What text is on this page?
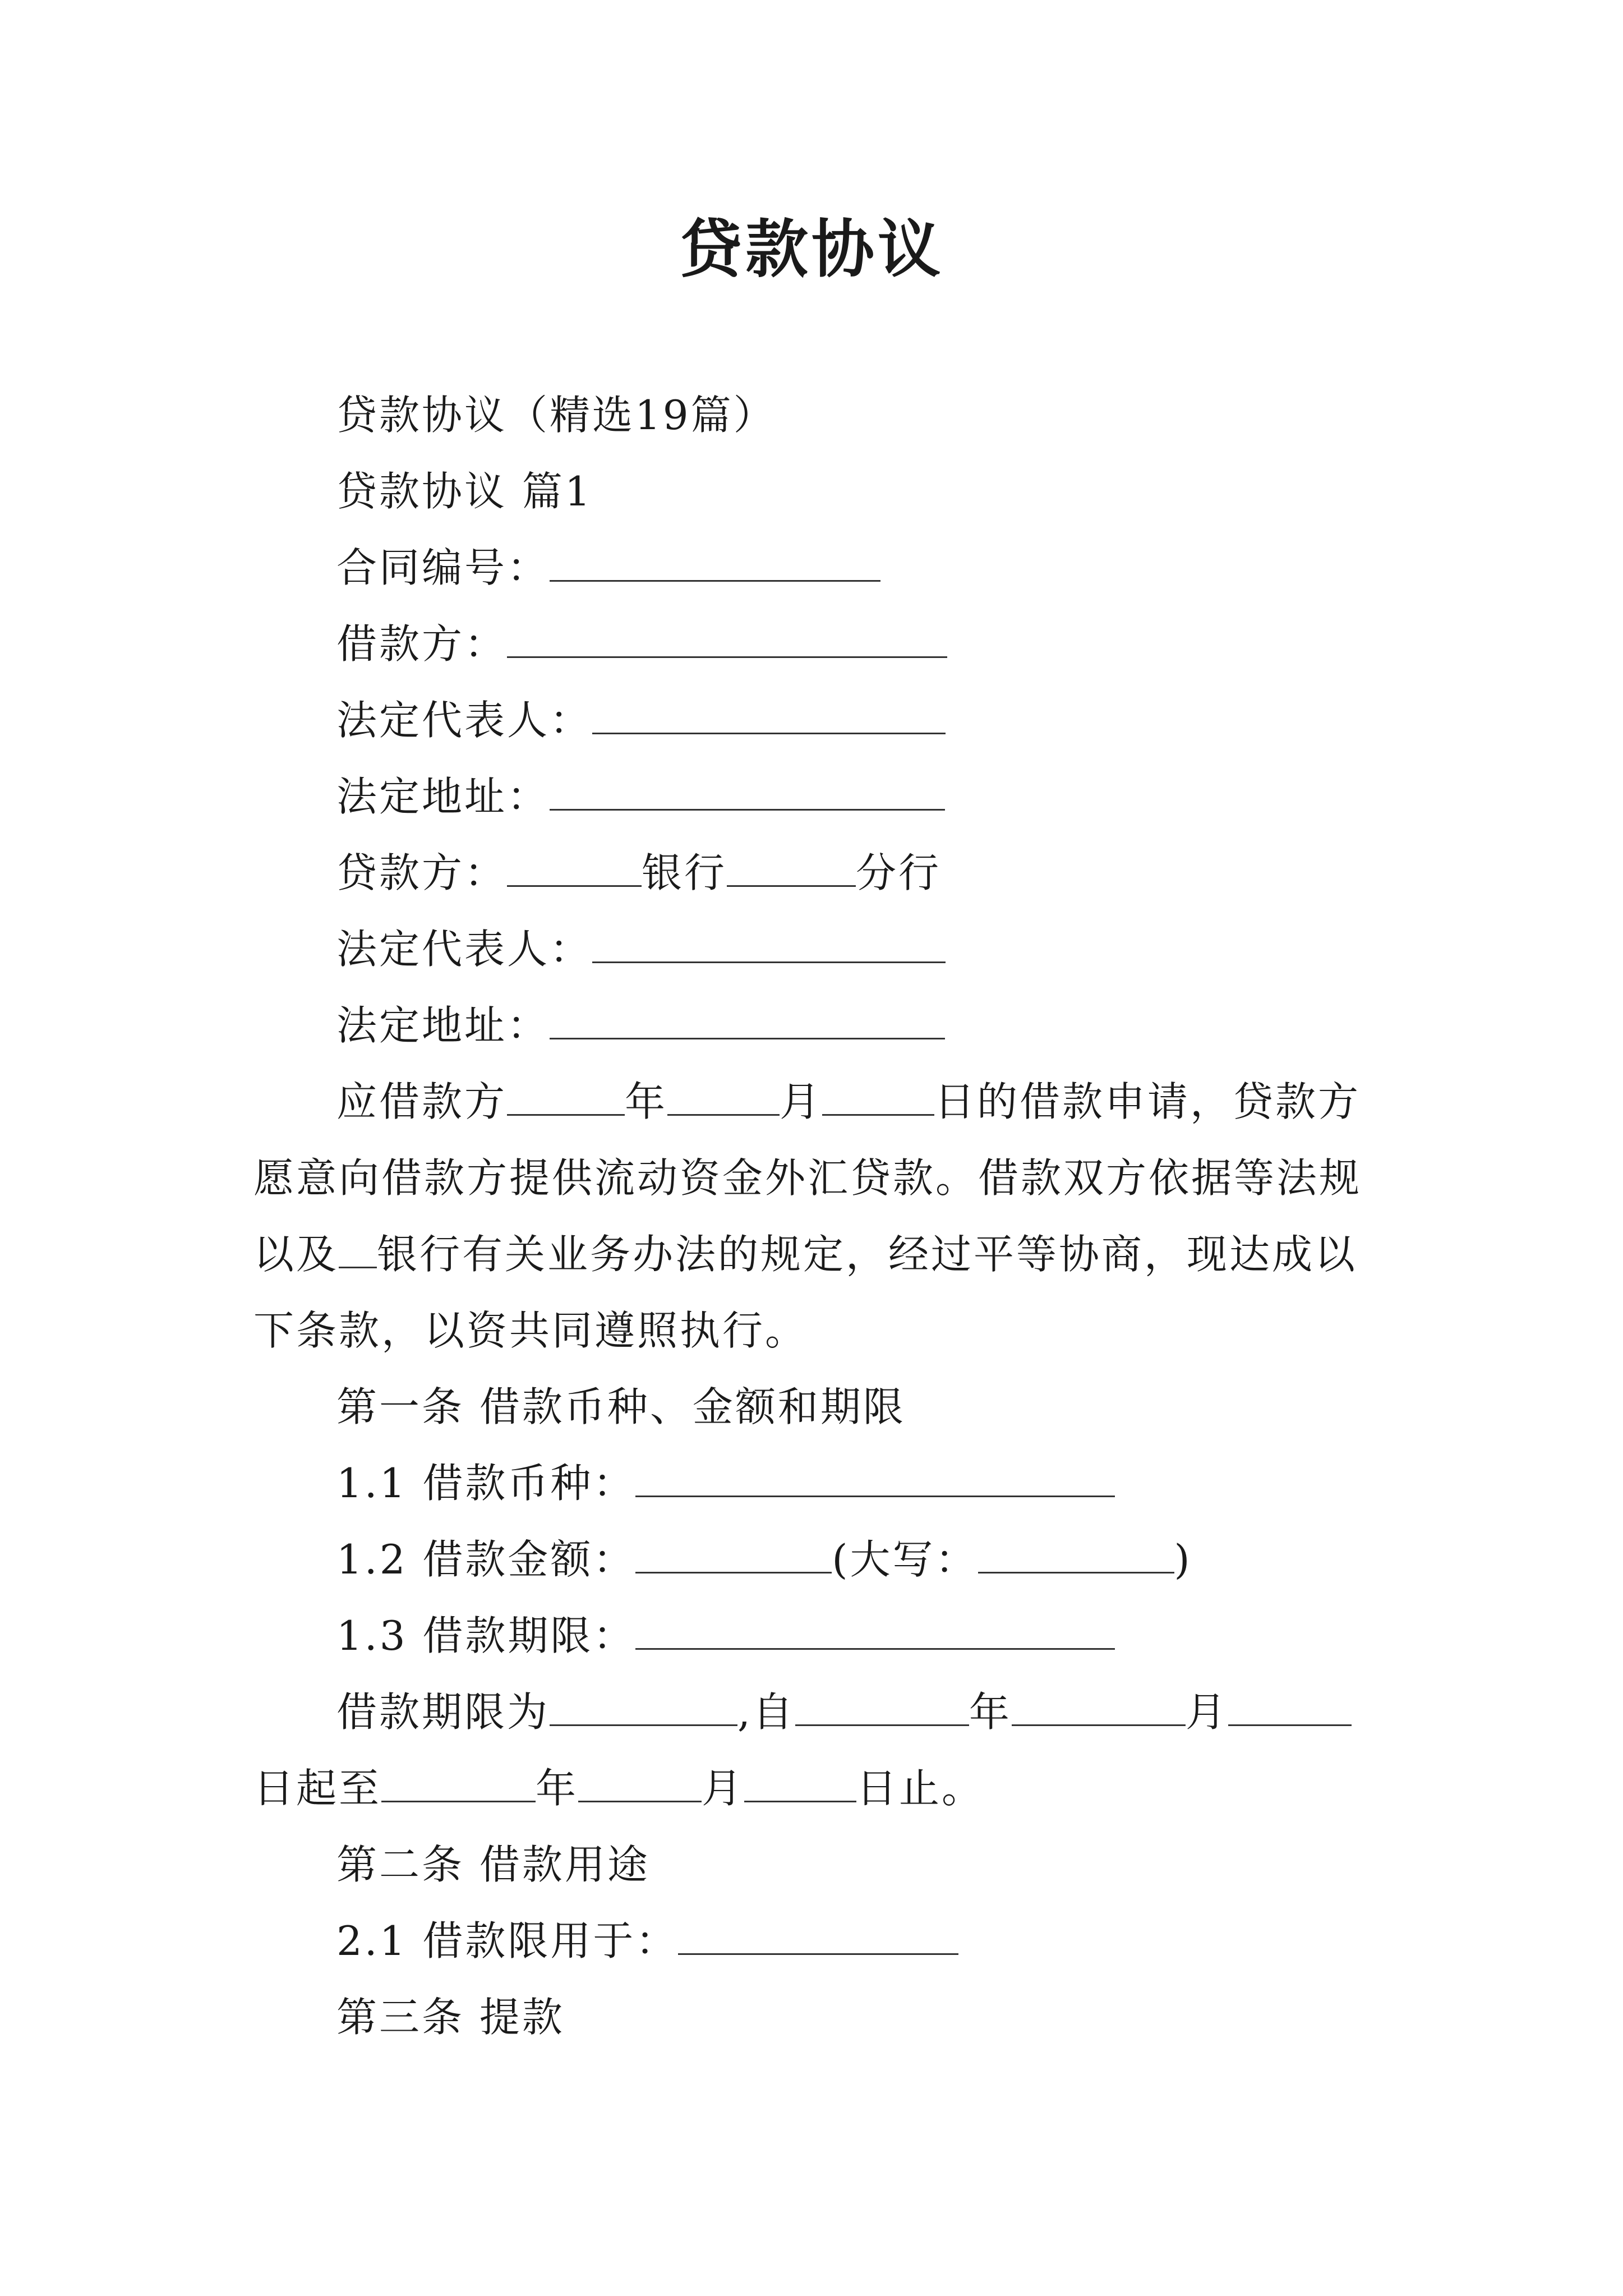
贷款协议
贷款协议（精选19篇）
贷款协议 篇1
合同编号：
借款方：
法定代表人：
法定地址：
贷款方：	银行	分行
法定代表人：
法定地址：
应借款方	年	月	日的借款申请，贷款方
愿意向借款方提供流动资金外汇贷款。借款双方依据等法规
以及 银行有关业务办法的规定，经过平等协商，现达成以
下条款，以资共同遵照执行。
第一条 借款币种、金额和期限
1.1 借款币种：
1.2 借款金额：	(大写：	)
1.3 借款期限：
借款期限为	,自	年	月
日起至	年	月	日止。
第二条 借款用途
2.1 借款限用于：
第三条 提款
